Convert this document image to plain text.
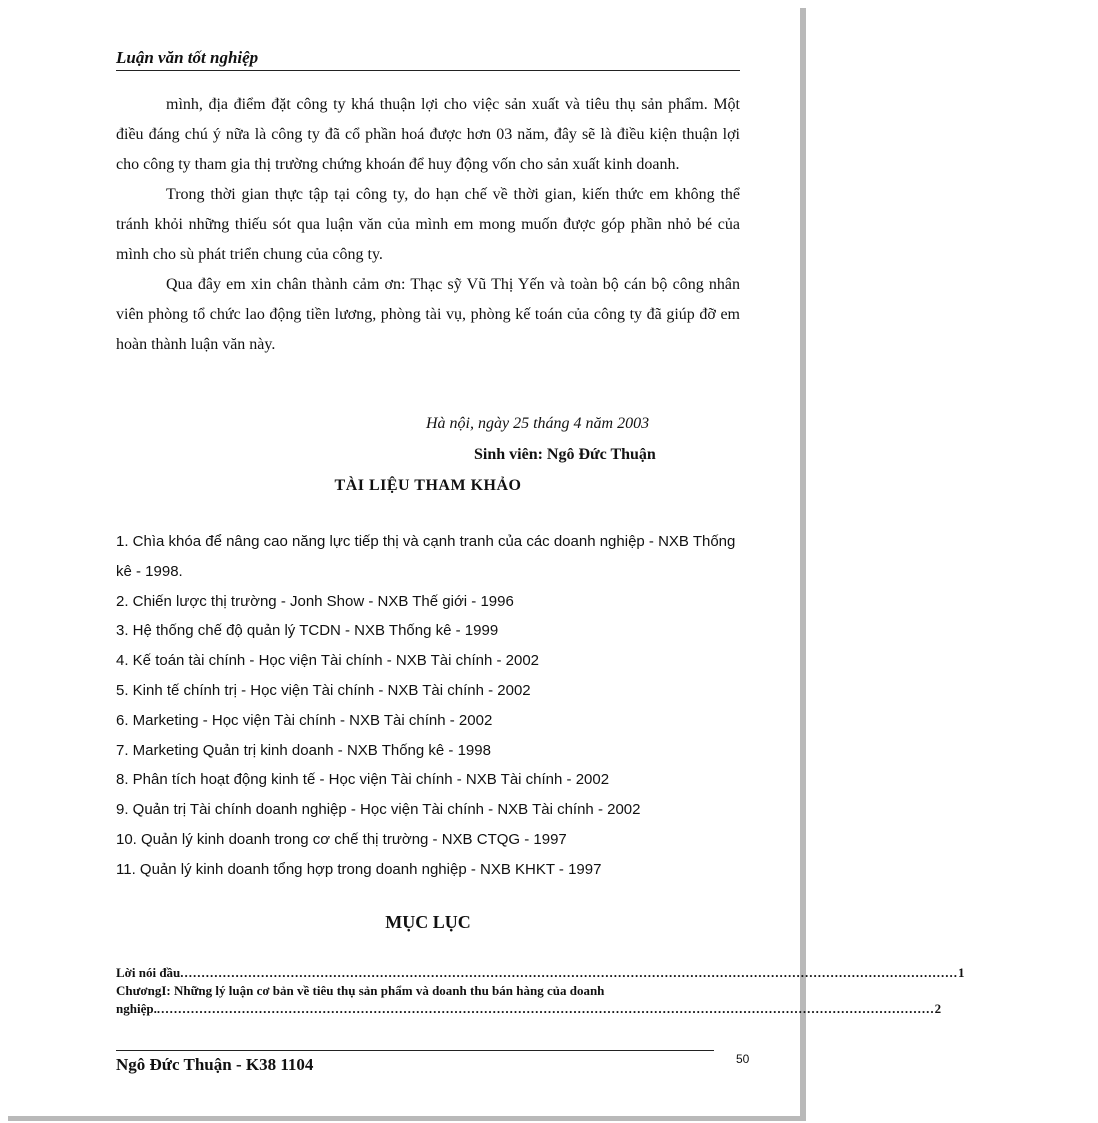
Luận văn tốt nghiệp

mình, địa điểm đặt công ty khá thuận lợi cho việc sản xuất và tiêu thụ sản phẩm. Một điều đáng chú ý nữa là công ty đã cổ phần hoá được hơn 03 năm, đây sẽ là điều kiện thuận lợi cho công ty tham gia thị trường chứng khoán để huy động vốn cho sản xuất kinh doanh.

Trong thời gian thực tập tại công ty, do hạn chế về thời gian, kiến thức em không thể tránh khỏi những thiếu sót qua luận văn của mình em mong muốn được góp phần nhỏ bé của mình cho sù phát triển chung của công ty.

Qua đây em xin chân thành cảm ơn: Thạc sỹ Vũ Thị Yến và toàn bộ cán bộ công nhân viên phòng tổ chức lao động tiền lương, phòng tài vụ, phòng kế toán của công ty đã giúp đỡ em hoàn thành luận văn này.

Hà nội, ngày 25 tháng 4 năm 2003
Sinh viên: Ngô Đức Thuận
TÀI LIỆU THAM KHẢO
1. Chìa khóa để nâng cao năng lực tiếp thị và cạnh tranh của các doanh nghiệp - NXB Thống kê - 1998.
2. Chiến lược thị trường - Jonh Show - NXB Thế giới - 1996
3. Hệ thống chế độ quản lý TCDN - NXB Thống kê - 1999
4. Kế toán tài chính - Học viện Tài chính - NXB Tài chính - 2002
5. Kinh tế chính trị - Học viện Tài chính - NXB Tài chính - 2002
6. Marketing - Học viện Tài chính - NXB Tài chính - 2002
7. Marketing Quản trị kinh doanh - NXB Thống kê - 1998
8. Phân tích hoạt động kinh tế - Học viện Tài chính - NXB Tài chính - 2002
9. Quản trị Tài chính doanh nghiệp - Học viện Tài chính - NXB Tài chính - 2002
10. Quản lý kinh doanh trong cơ chế thị trường - NXB CTQG - 1997
11. Quản lý kinh doanh tổng hợp trong doanh nghiệp - NXB KHKT - 1997
MỤC LỤC
Lời nói đầu ....................................................................................................................................................................................... 1
ChươngI: Những lý luận cơ bản về tiêu thụ sản phẩm và doanh thu bán hàng của doanh
nghiệp. ....................................................................................................................................................................................... 2
Ngô Đức Thuận - K38 1104	50
